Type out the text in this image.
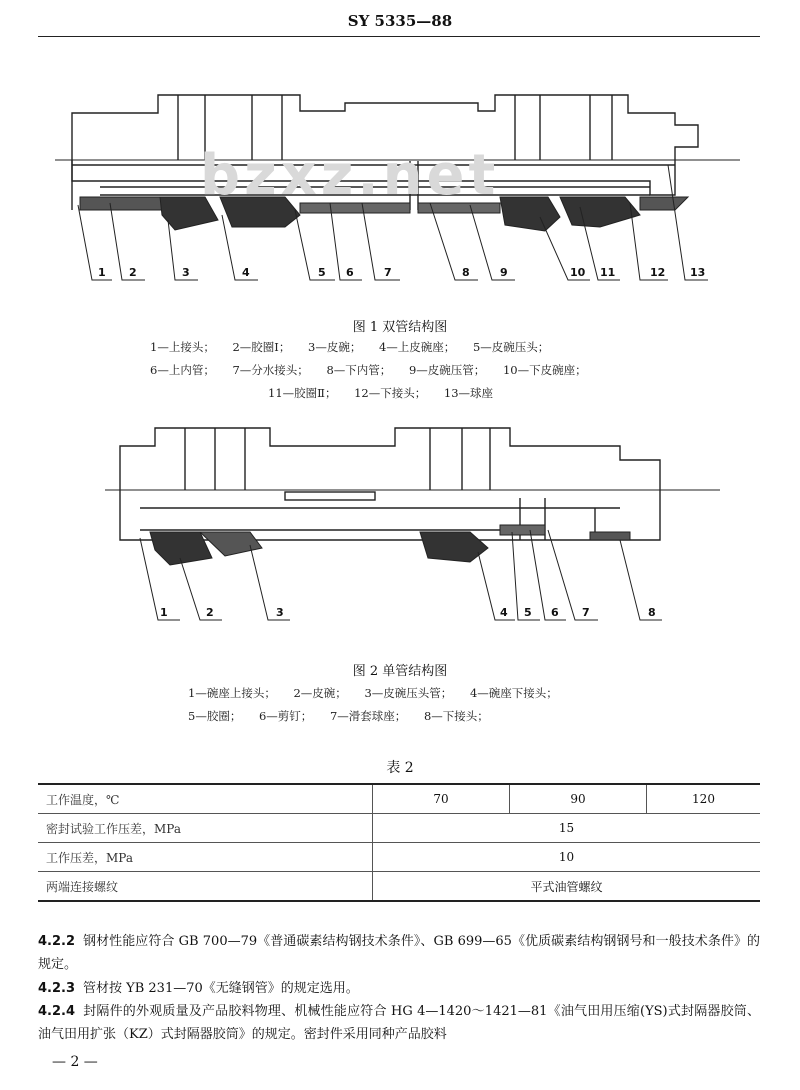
SY 5335—88
1 2	3	4	5 6	7	8	9	10 11	12 13
bzxz.net
图 1 双管结构图
1—上接头； 2—胶圈Ⅰ； 3—皮碗； 4—上皮碗座； 5—皮碗压头；
6—上内管； 7—分水接头； 8—下内管； 9—皮碗压管； 10—下皮碗座；
11—胶圈Ⅱ； 12—下接头； 13—球座
1	2	3	4 5 6 7	8
图 2 单管结构图
1—碗座上接头； 2—皮碗； 3—皮碗压头管； 4—碗座下接头；
5—胶圈； 6—剪钉； 7—滑套球座； 8—下接头；
表 2
工作温度，℃	70	90	120
密封试验工作压差，MPa	15		
工作压差，MPa	10		
两端连接螺纹	平式油管螺纹		
4.2.2 钢材性能应符合 GB 700—79《普通碳素结构钢技术条件》、GB 699—65《优质碳素结构钢钢号和一般技术条件》的规定。
4.2.3 管材按 YB 231—70《无缝钢管》的规定选用。
4.2.4 封隔件的外观质量及产品胶料物理、机械性能应符合 HG 4—1420～1421—81《油气田用压缩(YS)式封隔器胶筒、油气田用扩张（KZ）式封隔器胶筒》的规定。密封件采用同种产品胶料
— 2 —
